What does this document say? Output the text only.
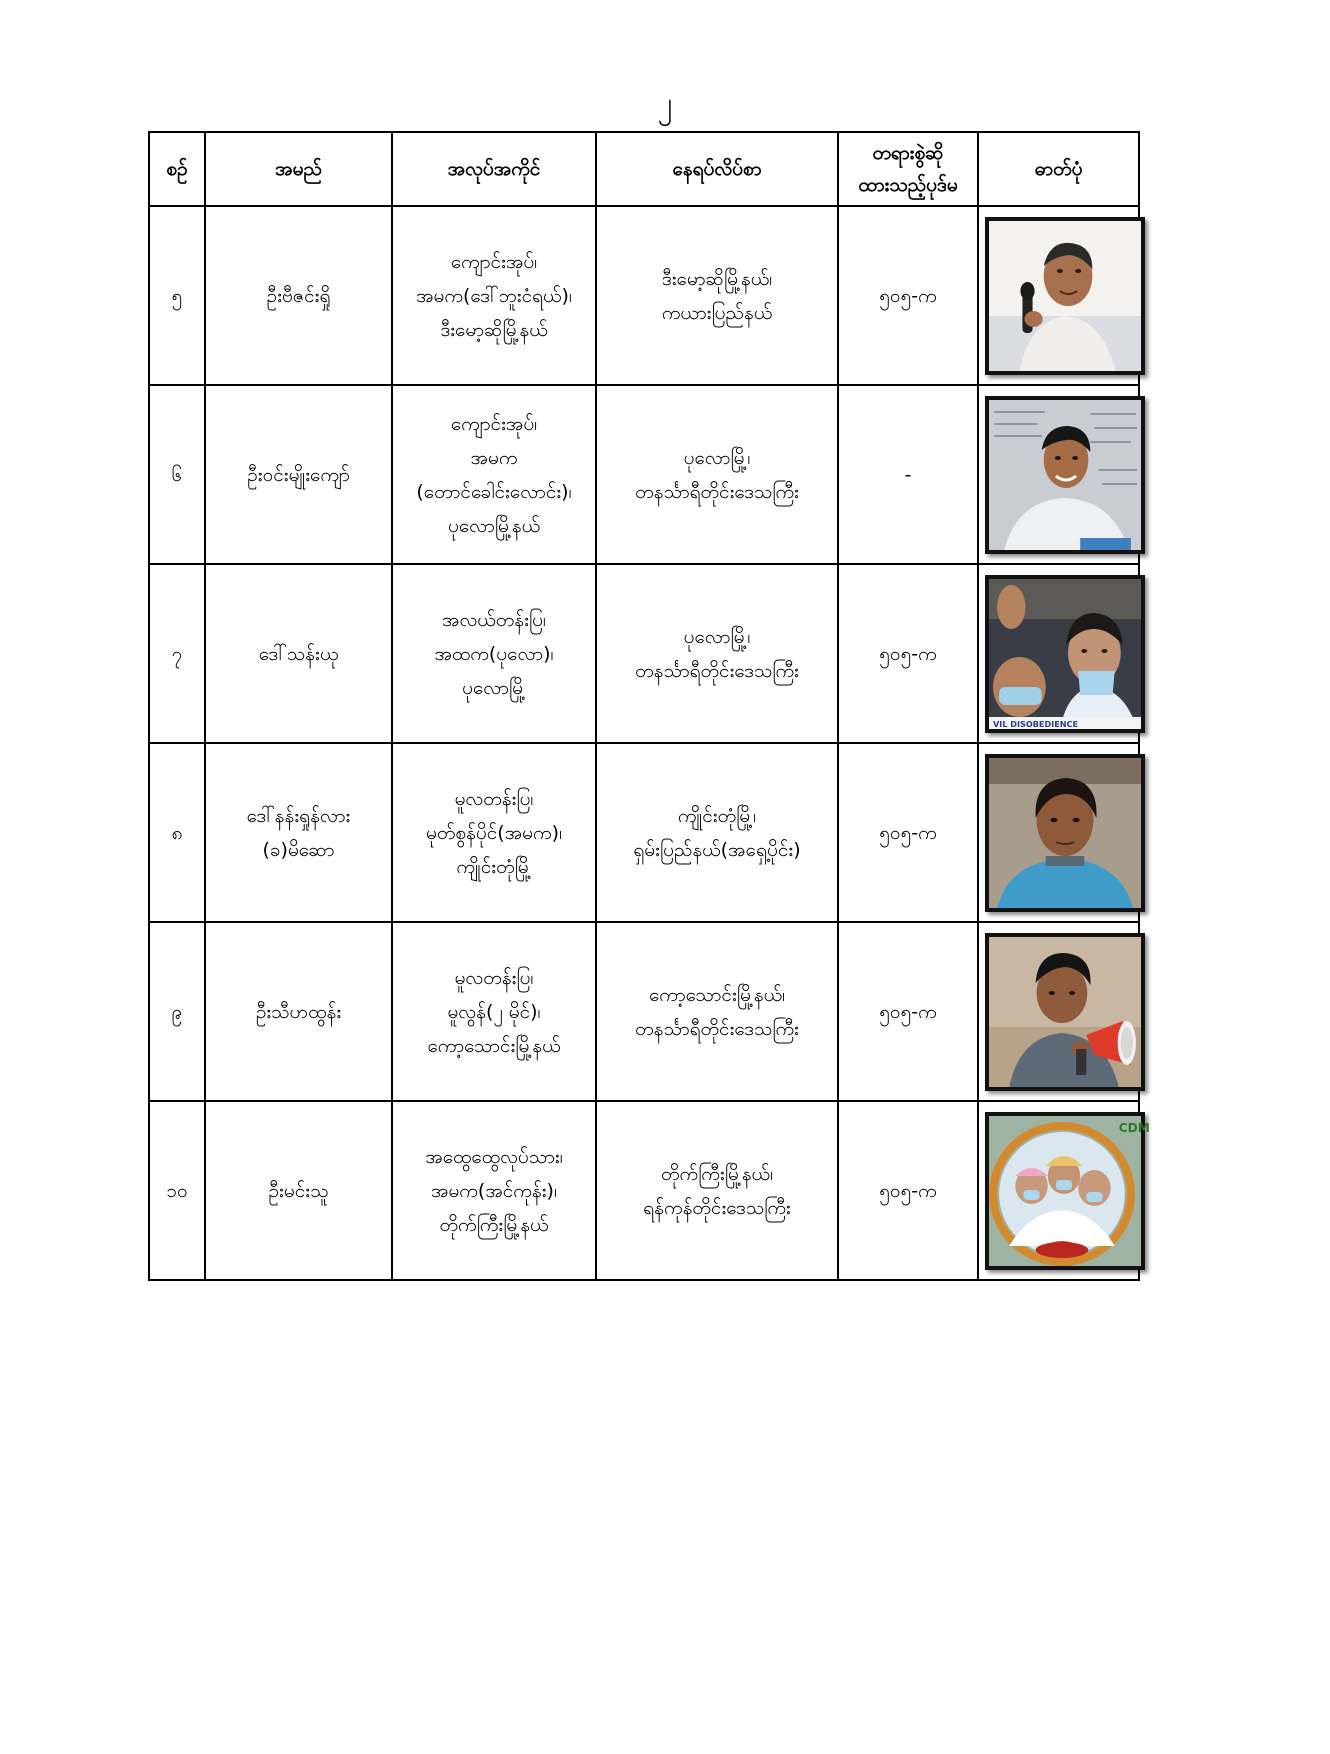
၂
စဉ်	အမည်	အလုပ်အကိုင်	နေရပ်လိပ်စာ	တရားစွဲဆို
ထားသည့်ပုဒ်မ	ဓာတ်ပုံ
၅	ဦးဗီဇင်းရှို	ကျောင်းအုပ်၊
အမက(ဒေါ်ဘူးငံရယ်)၊
ဒီးမော့ဆိုမြို့နယ်	ဒီးမော့ဆိုမြို့နယ်၊
ကယားပြည်နယ်	၅၀၅-က	

၆	ဦးဝင်းမျိုးကျော်	ကျောင်းအုပ်၊
အမက
(တောင်ခေါင်းလောင်း)၊
ပုလောမြို့နယ်	ပုလောမြို့၊
တနင်္သာရီတိုင်းဒေသကြီး	-	

၇	ဒေါ်သန်းယု	အလယ်တန်းပြ၊
အထက(ပုလော)၊
ပုလောမြို့	ပုလောမြို့၊
တနင်္သာရီတိုင်းဒေသကြီး	၅၀၅-က	VIL DISOBEDIENCE

၈	ဒေါ်နန်းရှုန်လား
(ခ)မိဆော	မူလတန်းပြ၊
မုတ်စွန်ပိုင်(အမက)၊
ကျိုင်းတုံမြို့	ကျိုင်းတုံမြို့၊
ရှမ်းပြည်နယ်(အရှေ့ပိုင်း)	၅၀၅-က	

၉	ဦးသီဟထွန်း	မူလတန်းပြ၊
မူလွန်(၂ မိုင်)၊
ကော့သောင်းမြို့နယ်	ကော့သောင်းမြို့နယ်၊
တနင်္သာရီတိုင်းဒေသကြီး	၅၀၅-က	

၁၀	ဦးမင်းသူ	အထွေထွေလုပ်သား၊
အမက(အင်ကုန်း)၊
တိုက်ကြီးမြို့နယ်	တိုက်ကြီးမြို့နယ်၊
ရန်ကုန်တိုင်းဒေသကြီး	၅၀၅-က	CDM
